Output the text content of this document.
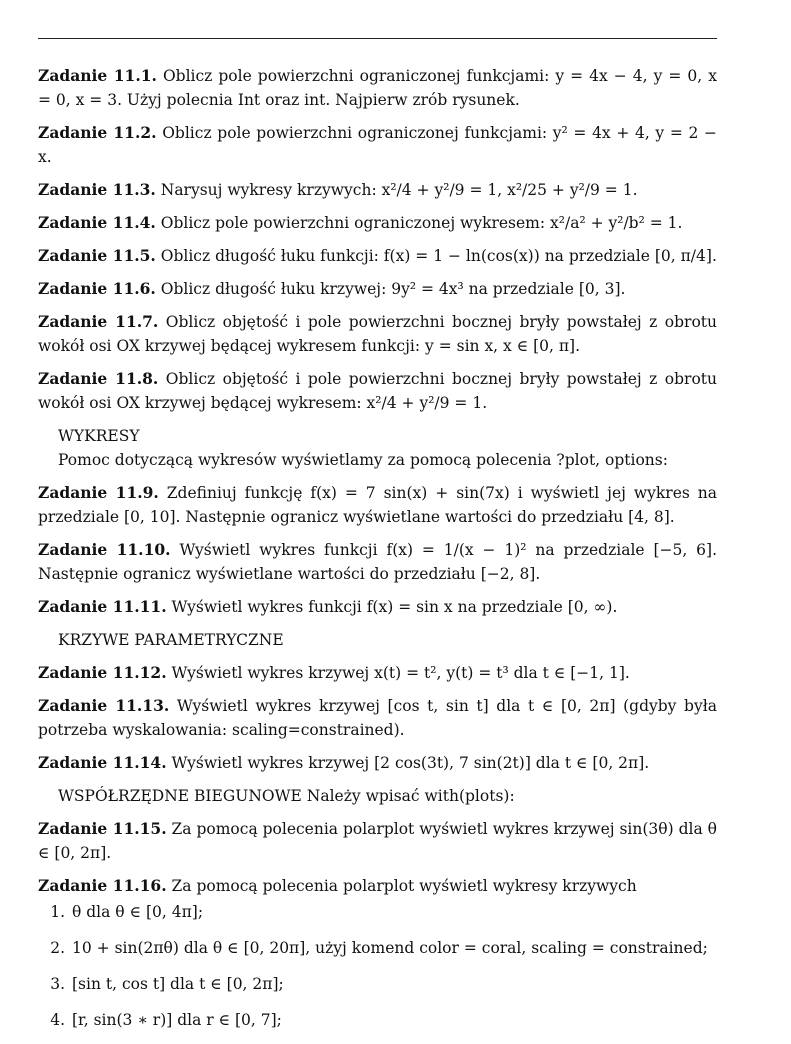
Zadanie 11.1. Oblicz pole powierzchni ograniczonej funkcjami: y = 4x − 4, y = 0, x = 0, x = 3. Użyj polecnia Int oraz int. Najpierw zrób rysunek.

Zadanie 11.2. Oblicz pole powierzchni ograniczonej funkcjami: y² = 4x + 4, y = 2 − x.

Zadanie 11.3. Narysuj wykresy krzywych: x²/4 + y²/9 = 1, x²/25 + y²/9 = 1.

Zadanie 11.4. Oblicz pole powierzchni ograniczonej wykresem: x²/a² + y²/b² = 1.

Zadanie 11.5. Oblicz długość łuku funkcji: f(x) = 1 − ln(cos(x)) na przedziale [0, π/4].

Zadanie 11.6. Oblicz długość łuku krzywej: 9y² = 4x³ na przedziale [0, 3].

Zadanie 11.7. Oblicz objętość i pole powierzchni bocznej bryły powstałej z obrotu wokół osi OX krzywej będącej wykresem funkcji: y = sin x, x ∈ [0, π].

Zadanie 11.8. Oblicz objętość i pole powierzchni bocznej bryły powstałej z obrotu wokół osi OX krzywej będącej wykresem: x²/4 + y²/9 = 1.

WYKRESY
Pomoc dotyczącą wykresów wyświetlamy za pomocą polecenia ?plot, options:

Zadanie 11.9. Zdefiniuj funkcję f(x) = 7 sin(x) + sin(7x) i wyświetl jej wykres na przedziale [0, 10]. Następnie ogranicz wyświetlane wartości do przedziału [4, 8].

Zadanie 11.10. Wyświetl wykres funkcji f(x) = 1/(x − 1)² na przedziale [−5, 6]. Następnie ogranicz wyświetlane wartości do przedziału [−2, 8].

Zadanie 11.11. Wyświetl wykres funkcji f(x) = sin x na przedziale [0, ∞).

KRZYWE PARAMETRYCZNE

Zadanie 11.12. Wyświetl wykres krzywej x(t) = t², y(t) = t³ dla t ∈ [−1, 1].

Zadanie 11.13. Wyświetl wykres krzywej [cos t, sin t] dla t ∈ [0, 2π] (gdyby była potrzeba wyskalowania: scaling=constrained).

Zadanie 11.14. Wyświetl wykres krzywej [2 cos(3t), 7 sin(2t)] dla t ∈ [0, 2π].

WSPÓŁRZĘDNE BIEGUNOWE Należy wpisać with(plots):

Zadanie 11.15. Za pomocą polecenia polarplot wyświetl wykres krzywej sin(3θ) dla θ ∈ [0, 2π].

Zadanie 11.16. Za pomocą polecenia polarplot wyświetl wykresy krzywych
1. θ dla θ ∈ [0, 4π];
2. 10 + sin(2πθ) dla θ ∈ [0, 20π], użyj komend color = coral, scaling = constrained;
3. [sin t, cos t] dla t ∈ [0, 2π];
4. [r, sin(3 ∗ r)] dla r ∈ [0, 7];
